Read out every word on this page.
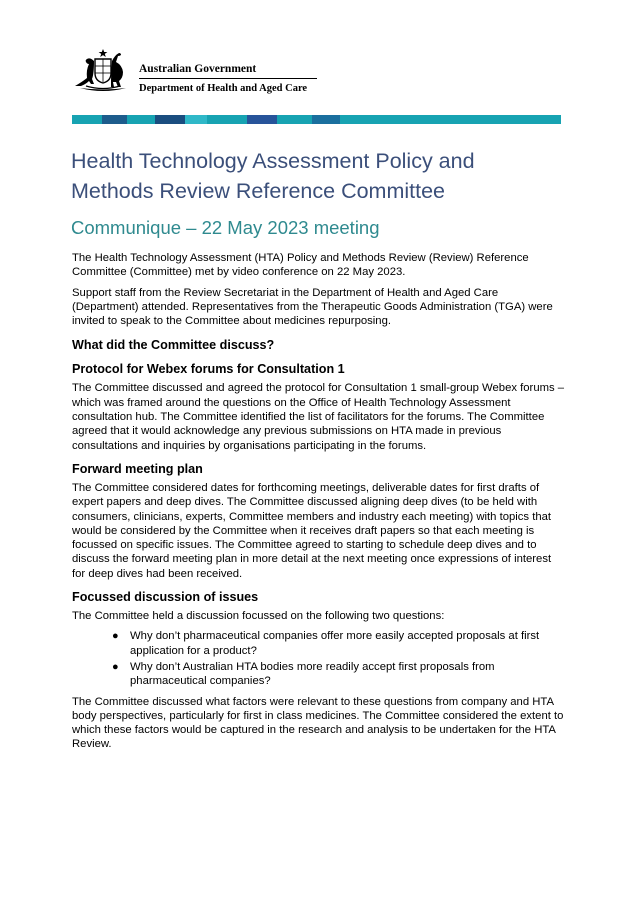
Australian Government
Department of Health and Aged Care
Health Technology Assessment Policy and Methods Review Reference Committee
Communique – 22 May 2023 meeting

The Health Technology Assessment (HTA) Policy and Methods Review (Review) Reference Committee (Committee) met by video conference on 22 May 2023.

Support staff from the Review Secretariat in the Department of Health and Aged Care (Department) attended. Representatives from the Therapeutic Goods Administration (TGA) were invited to speak to the Committee about medicines repurposing.

What did the Committee discuss?
Protocol for Webex forums for Consultation 1

The Committee discussed and agreed the protocol for Consultation 1 small-group Webex forums – which was framed around the questions on the Office of Health Technology Assessment consultation hub. The Committee identified the list of facilitators for the forums. The Committee agreed that it would acknowledge any previous submissions on HTA made in previous consultations and inquiries by organisations participating in the forums.

Forward meeting plan

The Committee considered dates for forthcoming meetings, deliverable dates for first drafts of expert papers and deep dives. The Committee discussed aligning deep dives (to be held with consumers, clinicians, experts, Committee members and industry each meeting) with topics that would be considered by the Committee when it receives draft papers so that each meeting is focussed on specific issues. The Committee agreed to starting to schedule deep dives and to discuss the forward meeting plan in more detail at the next meeting once expressions of interest for deep dives had been received.

Focussed discussion of issues

The Committee held a discussion focussed on the following two questions:

● Why don’t pharmaceutical companies offer more easily accepted proposals at first application for a product?
● Why don’t Australian HTA bodies more readily accept first proposals from pharmaceutical companies?

The Committee discussed what factors were relevant to these questions from company and HTA body perspectives, particularly for first in class medicines. The Committee considered the extent to which these factors would be captured in the research and analysis to be undertaken for the HTA Review.
